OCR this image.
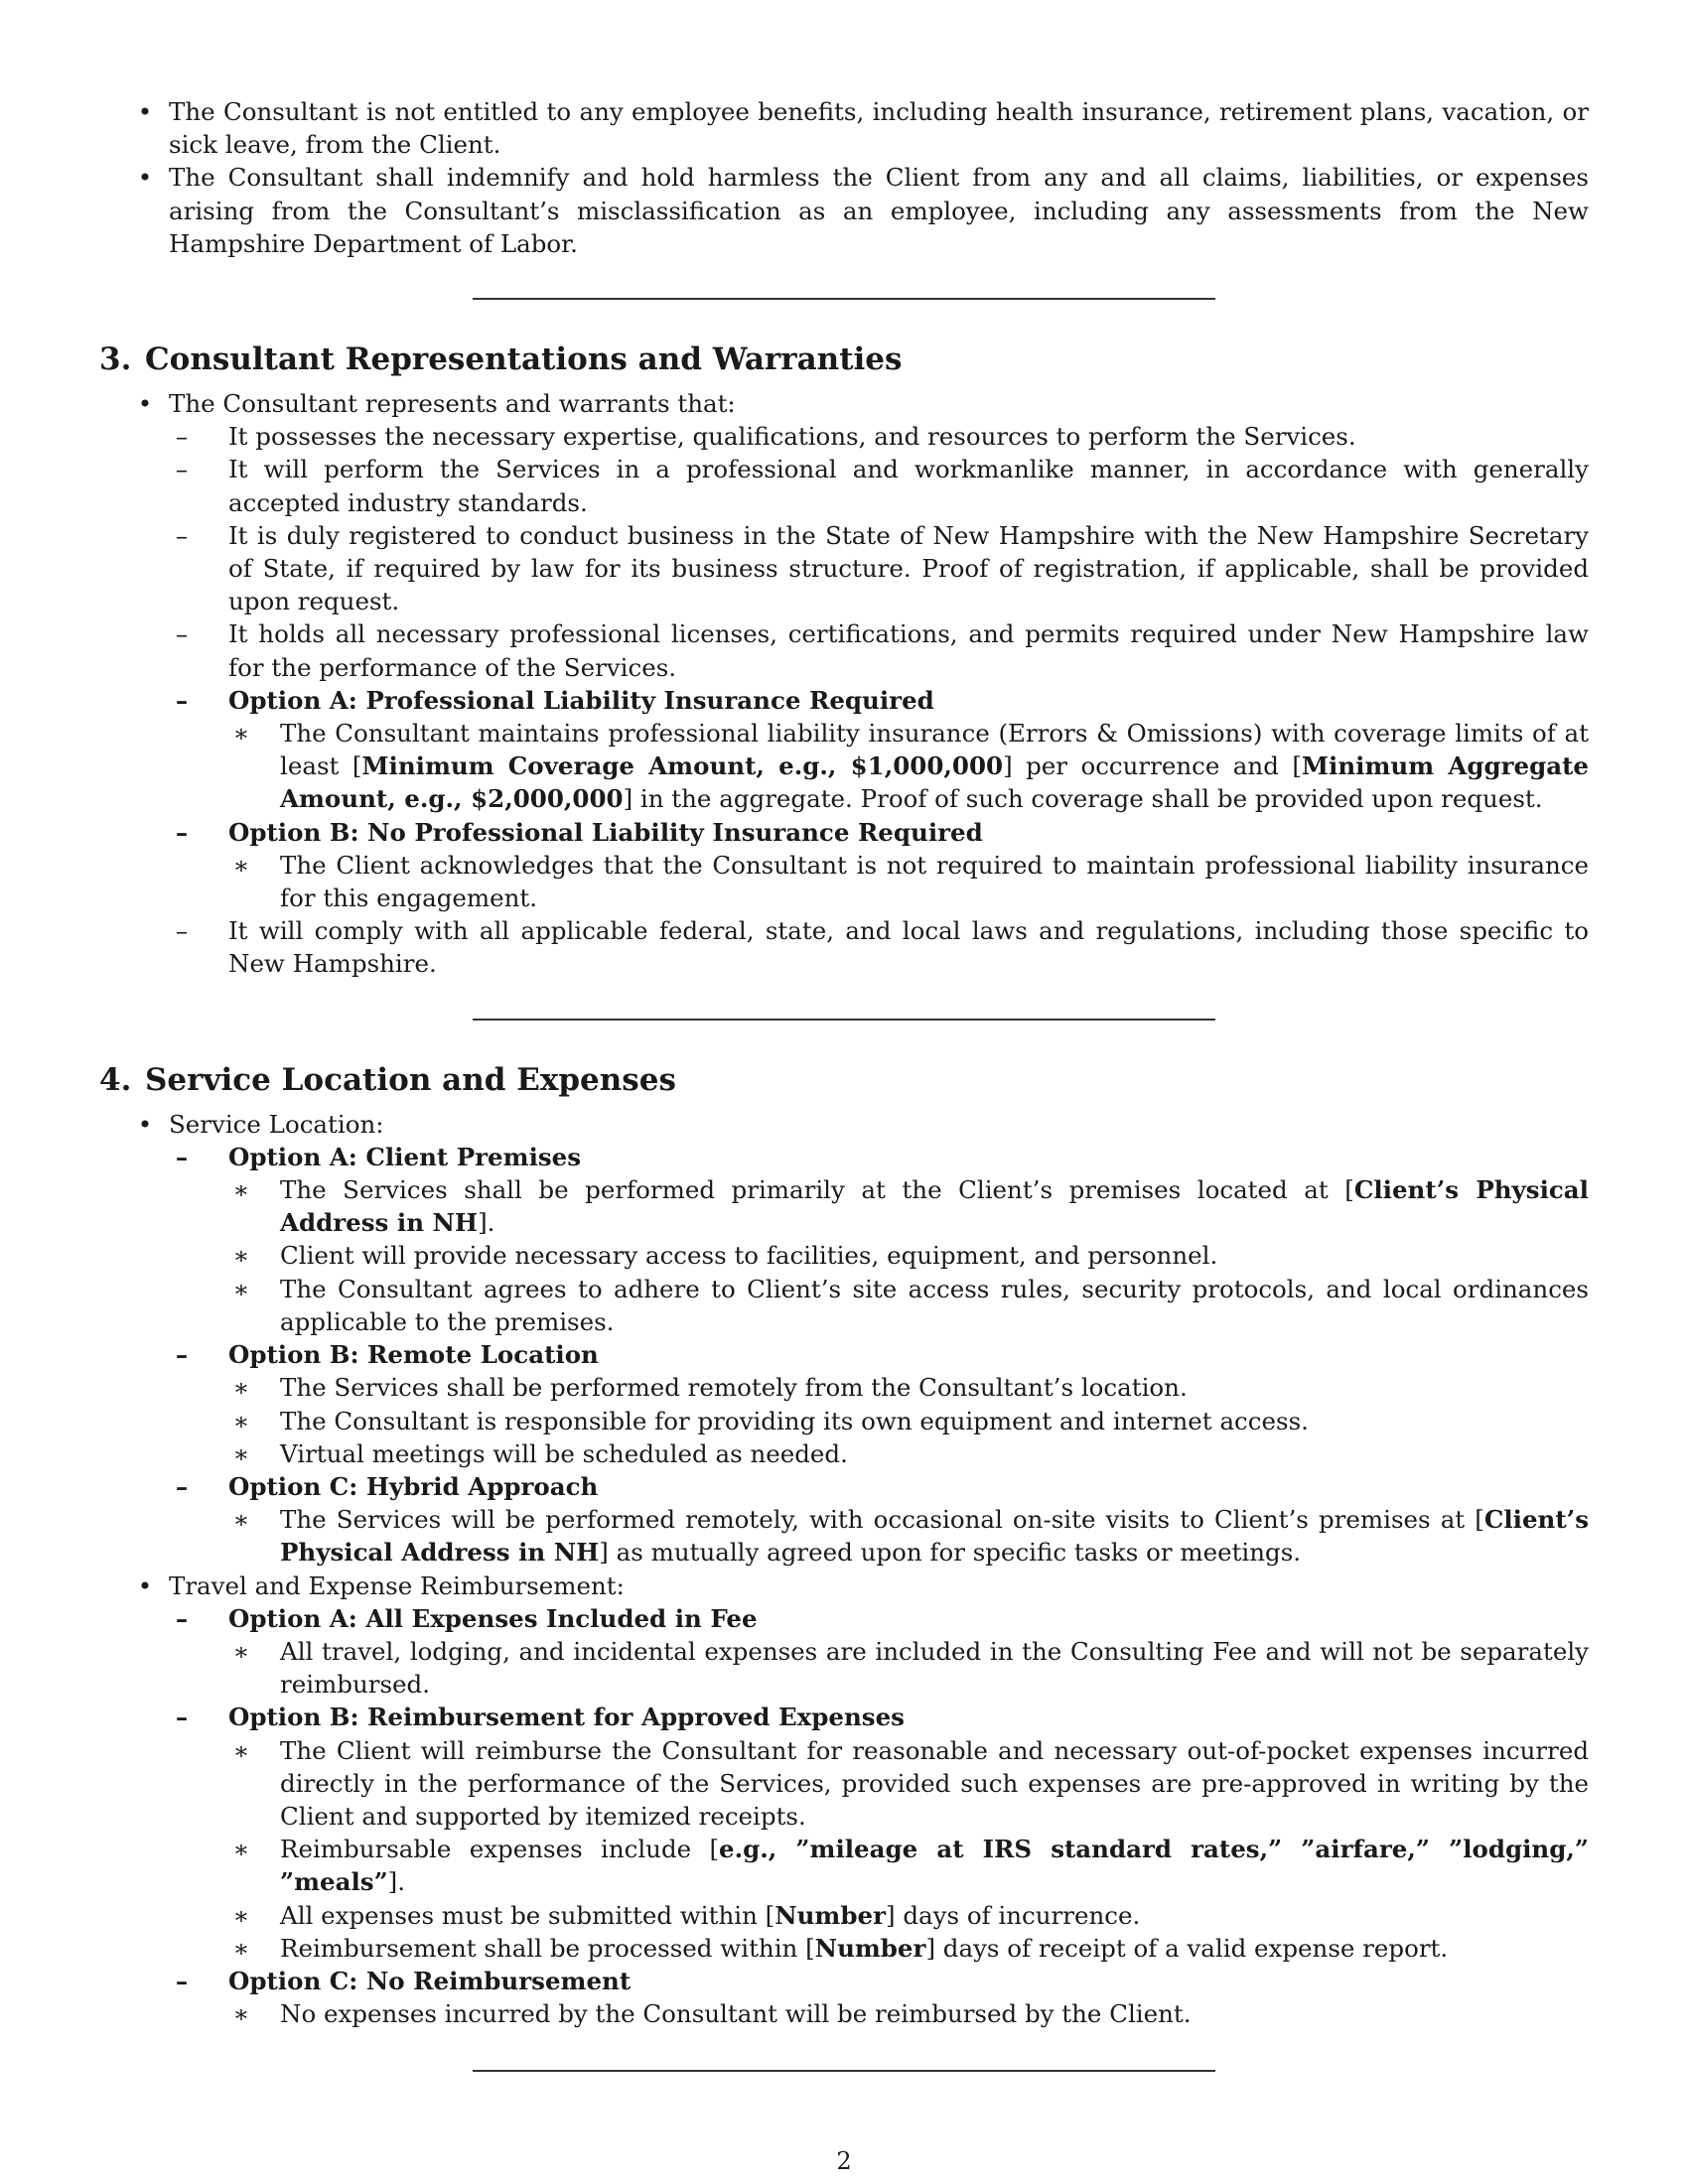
• The Consultant is not entitled to any employee benefits, including health insurance, retirement plans, vacation, or sick leave, from the Client.
• The Consultant shall indemnify and hold harmless the Client from any and all claims, liabilities, or expenses arising from the Consultant’s misclassification as an employee, including any assessments from the New Hampshire Department of Labor.
3. Consultant Representations and Warranties
• The Consultant represents and warrants that:
–	It possesses the necessary expertise, qualifications, and resources to perform the Services.
–	It will perform the Services in a professional and workmanlike manner, in accordance with generally accepted industry standards.
–	It is duly registered to conduct business in the State of New Hampshire with the New Hampshire Secretary of State, if required by law for its business structure. Proof of registration, if applicable, shall be provided upon request.
–	It holds all necessary professional licenses, certifications, and permits required under New Hampshire law for the performance of the Services.
–	Option A: Professional Liability Insurance Required
∗ The Consultant maintains professional liability insurance (Errors & Omissions) with coverage limits of at least [Minimum Coverage Amount, e.g., $1,000,000] per occurrence and [Minimum Aggregate Amount, e.g., $2,000,000] in the aggregate. Proof of such coverage shall be provided upon request.
–	Option B: No Professional Liability Insurance Required
∗ The Client acknowledges that the Consultant is not required to maintain professional liability insurance for this engagement.
–	It will comply with all applicable federal, state, and local laws and regulations, including those specific to New Hampshire.
4. Service Location and Expenses
• Service Location:
–	Option A: Client Premises
∗ The Services shall be performed primarily at the Client’s premises located at [Client’s Physical Address in NH].
∗ Client will provide necessary access to facilities, equipment, and personnel.
∗ The Consultant agrees to adhere to Client’s site access rules, security protocols, and local ordinances applicable to the premises.
–	Option B: Remote Location
∗ The Services shall be performed remotely from the Consultant’s location.
∗ The Consultant is responsible for providing its own equipment and internet access.
∗ Virtual meetings will be scheduled as needed.
–	Option C: Hybrid Approach
∗ The Services will be performed remotely, with occasional on-site visits to Client’s premises at [Client’s Physical Address in NH] as mutually agreed upon for specific tasks or meetings.
• Travel and Expense Reimbursement:
–	Option A: All Expenses Included in Fee
∗ All travel, lodging, and incidental expenses are included in the Consulting Fee and will not be separately reimbursed.
–	Option B: Reimbursement for Approved Expenses
∗ The Client will reimburse the Consultant for reasonable and necessary out-of-pocket expenses incurred directly in the performance of the Services, provided such expenses are pre-approved in writing by the Client and supported by itemized receipts.
∗ Reimbursable expenses include [e.g., ”mileage at IRS standard rates,” ”airfare,” ”lodging,” ”meals”].
∗ All expenses must be submitted within [Number] days of incurrence.
∗ Reimbursement shall be processed within [Number] days of receipt of a valid expense report.
–	Option C: No Reimbursement
∗ No expenses incurred by the Consultant will be reimbursed by the Client.
2
